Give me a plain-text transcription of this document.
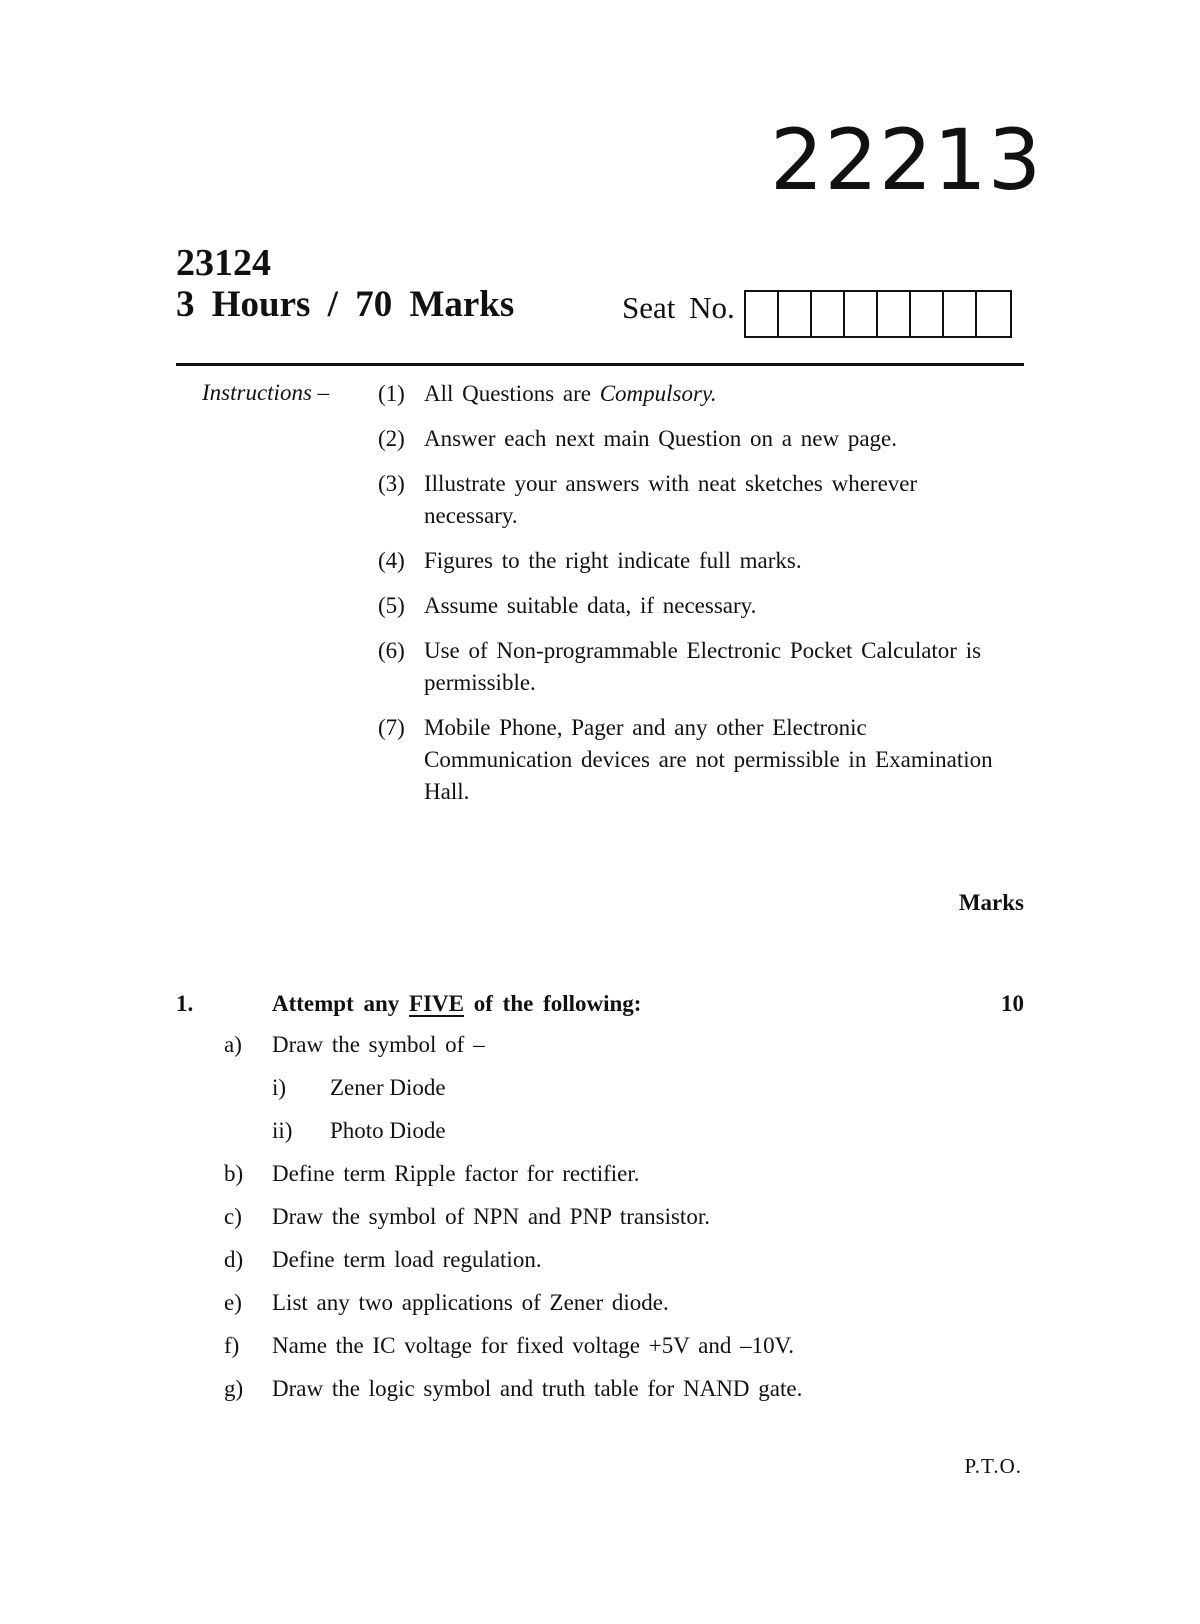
22213
23124
3 Hours / 70 Marks	Seat No.
Instructions – (1) All Questions are Compulsory.
(2) Answer each next main Question on a new page.
(3) Illustrate your answers with neat sketches wherever necessary.
(4) Figures to the right indicate full marks.
(5) Assume suitable data, if necessary.
(6) Use of Non-programmable Electronic Pocket Calculator is permissible.
(7) Mobile Phone, Pager and any other Electronic Communication devices are not permissible in Examination Hall.
Marks
1.	Attempt any FIVE of the following:	10
a)	Draw the symbol of –
i)	Zener Diode
ii)	Photo Diode
b)	Define term Ripple factor for rectifier.
c)	Draw the symbol of NPN and PNP transistor.
d)	Define term load regulation.
e)	List any two applications of Zener diode.
f)	Name the IC voltage for fixed voltage +5V and –10V.
g)	Draw the logic symbol and truth table for NAND gate.
P.T.O.
